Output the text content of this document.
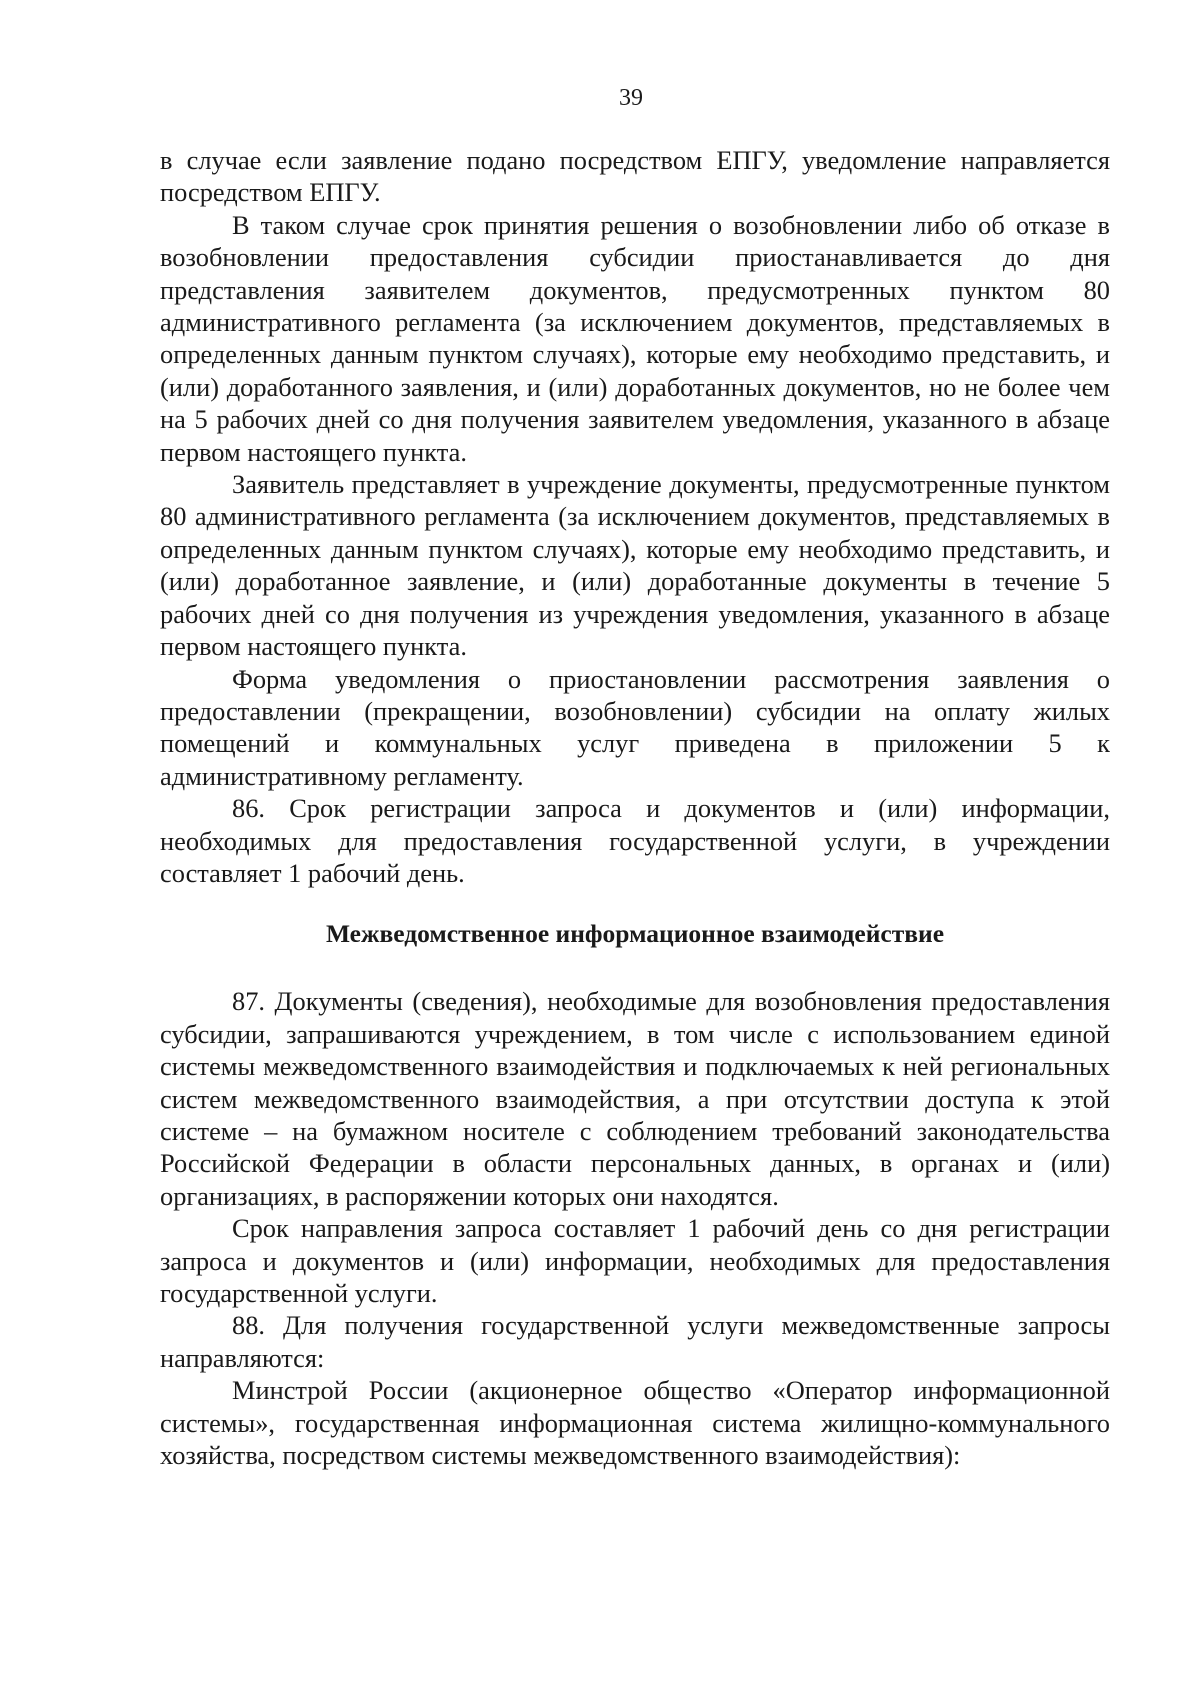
39

в случае если заявление подано посредством ЕПГУ, уведомление направляется посредством ЕПГУ.

В таком случае срок принятия решения о возобновлении либо об отказе в возобновлении предоставления субсидии приостанавливается до дня представления заявителем документов, предусмотренных пунктом 80 административного регламента (за исключением документов, представляемых в определенных данным пунктом случаях), которые ему необходимо представить, и (или) доработанного заявления, и (или) доработанных документов, но не более чем на 5 рабочих дней со дня получения заявителем уведомления, указанного в абзаце первом настоящего пункта.

Заявитель представляет в учреждение документы, предусмотренные пунктом 80 административного регламента (за исключением документов, представляемых в определенных данным пунктом случаях), которые ему необходимо представить, и (или) доработанное заявление, и (или) доработанные документы в течение 5 рабочих дней со дня получения из учреждения уведомления, указанного в абзаце первом настоящего пункта.

Форма уведомления о приостановлении рассмотрения заявления о предоставлении (прекращении, возобновлении) субсидии на оплату жилых помещений и коммунальных услуг приведена в приложении 5 к административному регламенту.

86. Срок регистрации запроса и документов и (или) информации, необходимых для предоставления государственной услуги, в учреждении составляет 1 рабочий день.

Межведомственное информационное взаимодействие

87. Документы (сведения), необходимые для возобновления предоставления субсидии, запрашиваются учреждением, в том числе с использованием единой системы межведомственного взаимодействия и подключаемых к ней региональных систем межведомственного взаимодействия, а при отсутствии доступа к этой системе – на бумажном носителе с соблюдением требований законодательства Российской Федерации в области персональных данных, в органах и (или) организациях, в распоряжении которых они находятся.

Срок направления запроса составляет 1 рабочий день со дня регистрации запроса и документов и (или) информации, необходимых для предоставления государственной услуги.

88. Для получения государственной услуги межведомственные запросы направляются:

Минстрой России (акционерное общество «Оператор информационной системы», государственная информационная система жилищно-коммунального хозяйства, посредством системы межведомственного взаимодействия):
